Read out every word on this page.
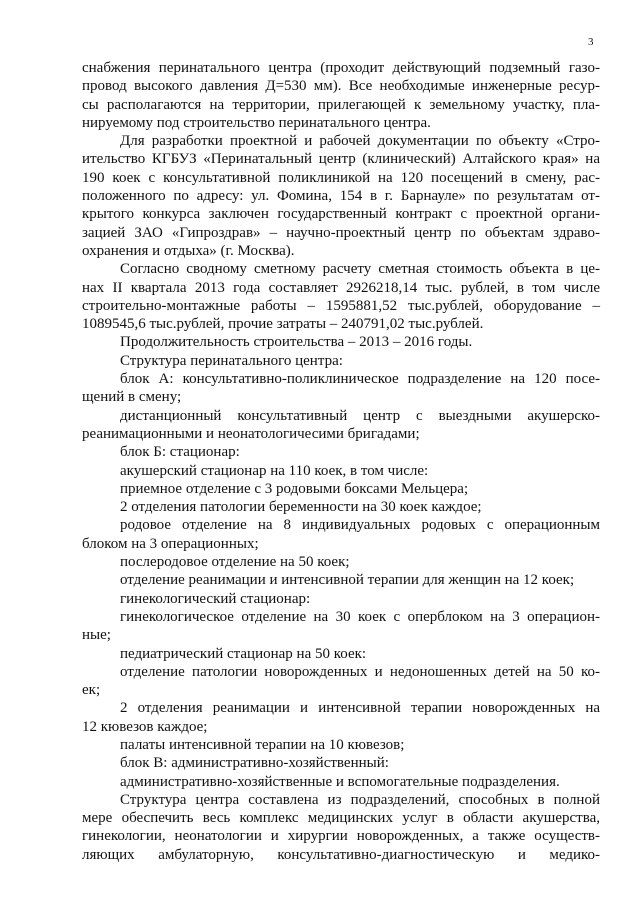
3
снабжения перинатального центра (проходит действующий подземный газо-
провод высокого давления Д=530 мм). Все необходимые инженерные ресур-
сы располагаются на территории, прилегающей к земельному участку, пла-
нируемому под строительство перинатального центра.
Для разработки проектной и рабочей документации по объекту «Стро-
ительство КГБУЗ «Перинатальный центр (клинический) Алтайского края» на
190 коек с консультативной поликлиникой на 120 посещений в смену, рас-
положенного по адресу: ул. Фомина, 154 в г. Барнауле» по результатам от-
крытого конкурса заключен государственный контракт с проектной органи-
зацией ЗАО «Гипроздрав» – научно-проектный центр по объектам здраво-
охранения и отдыха» (г. Москва).
Согласно сводному сметному расчету сметная стоимость объекта в це-
нах II квартала 2013 года составляет 2926218,14 тыс. рублей, в том числе
строительно-монтажные работы – 1595881,52 тыс.рублей, оборудование –
1089545,6 тыс.рублей, прочие затраты – 240791,02 тыс.рублей.
Продолжительность строительства – 2013 – 2016 годы.
Структура перинатального центра:
блок А: консультативно-поликлиническое подразделение на 120 посе-
щений в смену;
дистанционный консультативный центр с выездными акушерско-
реанимационными и неонатологичесими бригадами;
блок Б: стационар:
акушерский стационар на 110 коек, в том числе:
приемное отделение с 3 родовыми боксами Мельцера;
2 отделения патологии беременности на 30 коек каждое;
родовое отделение на 8 индивидуальных родовых с операционным
блоком на 3 операционных;
послеродовое отделение на 50 коек;
отделение реанимации и интенсивной терапии для женщин на 12 коек;
гинекологический стационар:
гинекологическое отделение на 30 коек с оперблоком на 3 операцион-
ные;
педиатрический стационар на 50 коек:
отделение патологии новорожденных и недоношенных детей на 50 ко-
ек;
2 отделения реанимации и интенсивной терапии новорожденных на
12 кювезов каждое;
палаты интенсивной терапии на 10 кювезов;
блок В: административно-хозяйственный:
административно-хозяйственные и вспомогательные подразделения.
Структура центра составлена из подразделений, способных в полной
мере обеспечить весь комплекс медицинских услуг в области акушерства,
гинекологии, неонатологии и хирургии новорожденных, а также осуществ-
ляющих амбулаторную, консультативно-диагностическую и медико-
